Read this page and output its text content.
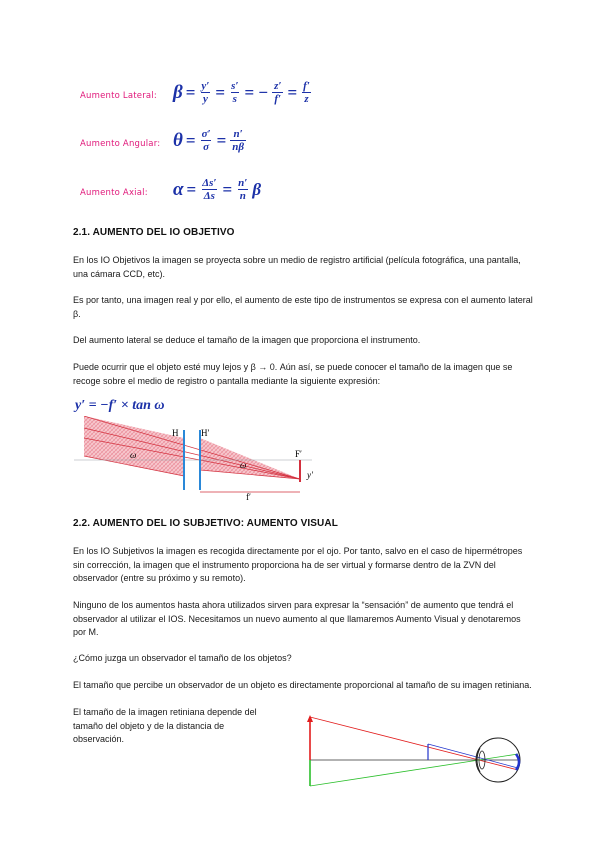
Aumento Lateral: $\beta = \frac{y'}{y} = \frac{s'}{s}$ = − $\frac{z'}{f'} = \frac{f'}{z}$
Aumento Angular: $\theta = \frac{\sigma'}{\sigma} = \frac{n'}{n\beta}$
Aumento Axial: $\alpha = \frac{\Delta s'}{\Delta s} = \frac{n'}{n}$ β
2.1. AUMENTO DEL IO OBJETIVO
En los IO Objetivos la imagen se proyecta sobre un medio de registro artificial (película fotográfica, una pantalla, una cámara CCD, etc).
Es por tanto, una imagen real y por ello, el aumento de este tipo de instrumentos se expresa con el aumento lateral β.
Del aumento lateral se deduce el tamaño de la imagen que proporciona el instrumento.
Puede ocurrir que el objeto esté muy lejos y β → 0. Aún así, se puede conocer el tamaño de la imagen que se recoge sobre el medio de registro o pantalla mediante la siguiente expresión:
y′ = −f′ × tan ω
H	H′
F′
y′
ω
ω
f′
2.2. AUMENTO DEL IO SUBJETIVO: AUMENTO VISUAL
En los IO Subjetivos la imagen es recogida directamente por el ojo. Por tanto, salvo en el caso de hipermétropes sin corrección, la imagen que el instrumento proporciona ha de ser virtual y formarse dentro de la ZVN del observador (entre su próximo y su remoto).
Ninguno de los aumentos hasta ahora utilizados sirven para expresar la “sensación” de aumento que tendrá el observador al utilizar el IOS. Necesitamos un nuevo aumento al que llamaremos Aumento Visual y denotaremos por M.
¿Cómo juzga un observador el tamaño de los objetos?
El tamaño que percibe un observador de un objeto es directamente proporcional al tamaño de su imagen retiniana.
El tamaño de la imagen retiniana depende del tamaño del objeto y de la distancia de observación.
